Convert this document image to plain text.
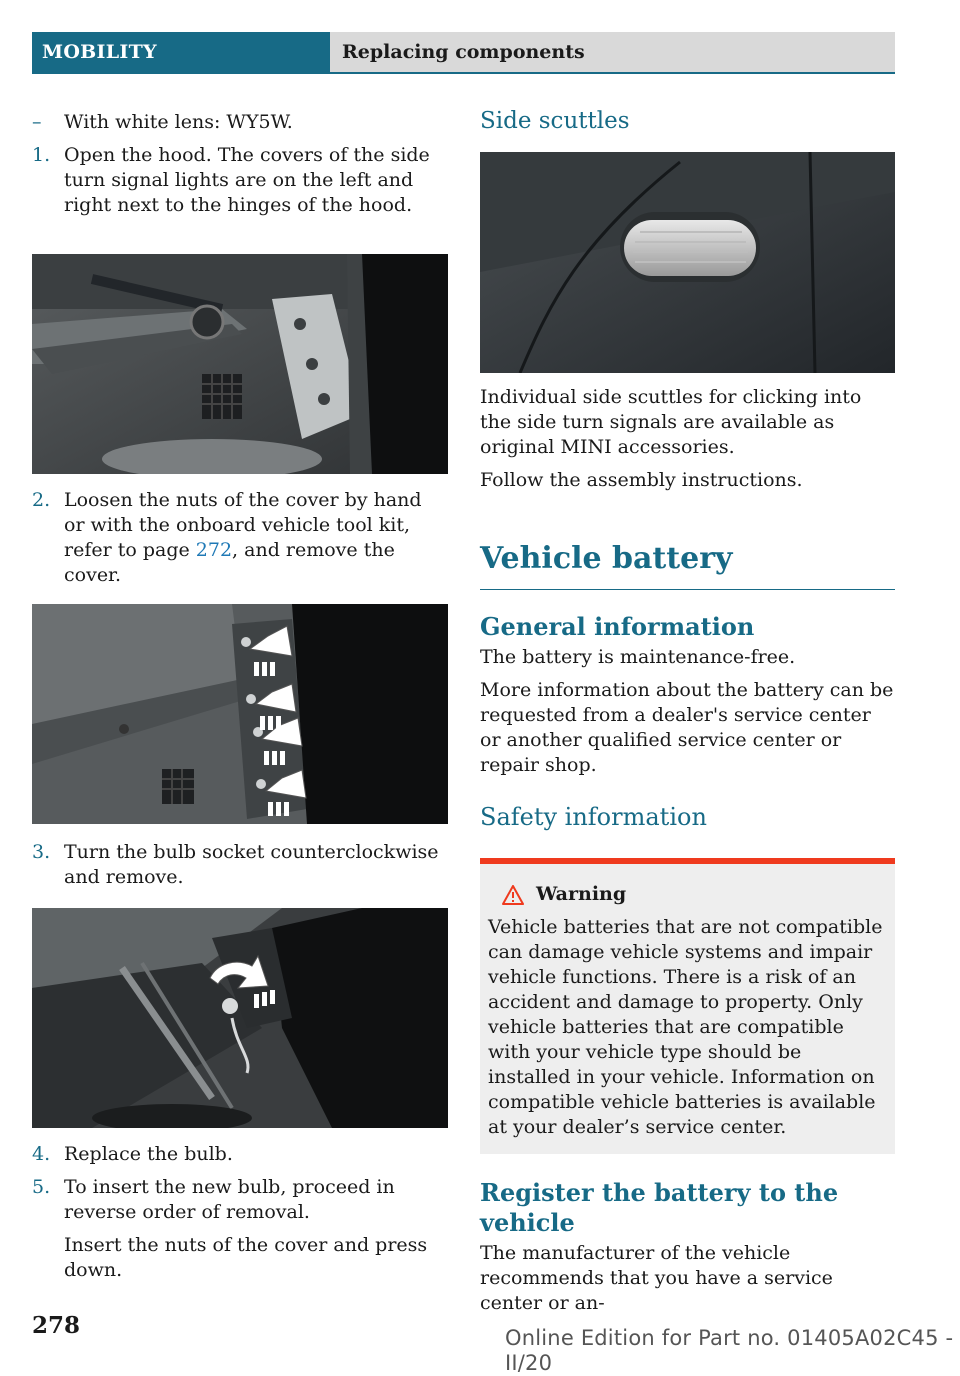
MOBILITY	Replacing components
–	With white lens: WY5W.
1. Open the hood. The covers of the side turn signal lights are on the left and right next to the hinges of the hood.
2. Loosen the nuts of the cover by hand or with the onboard vehicle tool kit, refer to page 272, and remove the cover.
3. Turn the bulb socket counterclockwise and remove.
4. Replace the bulb.
5. To insert the new bulb, proceed in reverse order of removal.

Insert the nuts of the cover and press down.

Side scuttles

Individual side scuttles for clicking into the side turn signals are available as original MINI accessories.

Follow the assembly instructions.

Vehicle battery
General information

The battery is maintenance-free.

More information about the battery can be requested from a dealer's service center or another qualified service center or repair shop.

Safety information
Warning

Vehicle batteries that are not compatible can damage vehicle systems and impair vehicle functions. There is a risk of an accident and damage to property. Only vehicle batteries that are compatible with your vehicle type should be installed in your vehicle. Information on compatible vehicle batteries is available at your dealer’s service center.

Register the battery to the vehicle

The manufacturer of the vehicle recommends that you have a service center or an-

278	Online Edition for Part no. 01405A02C45 - II/20
